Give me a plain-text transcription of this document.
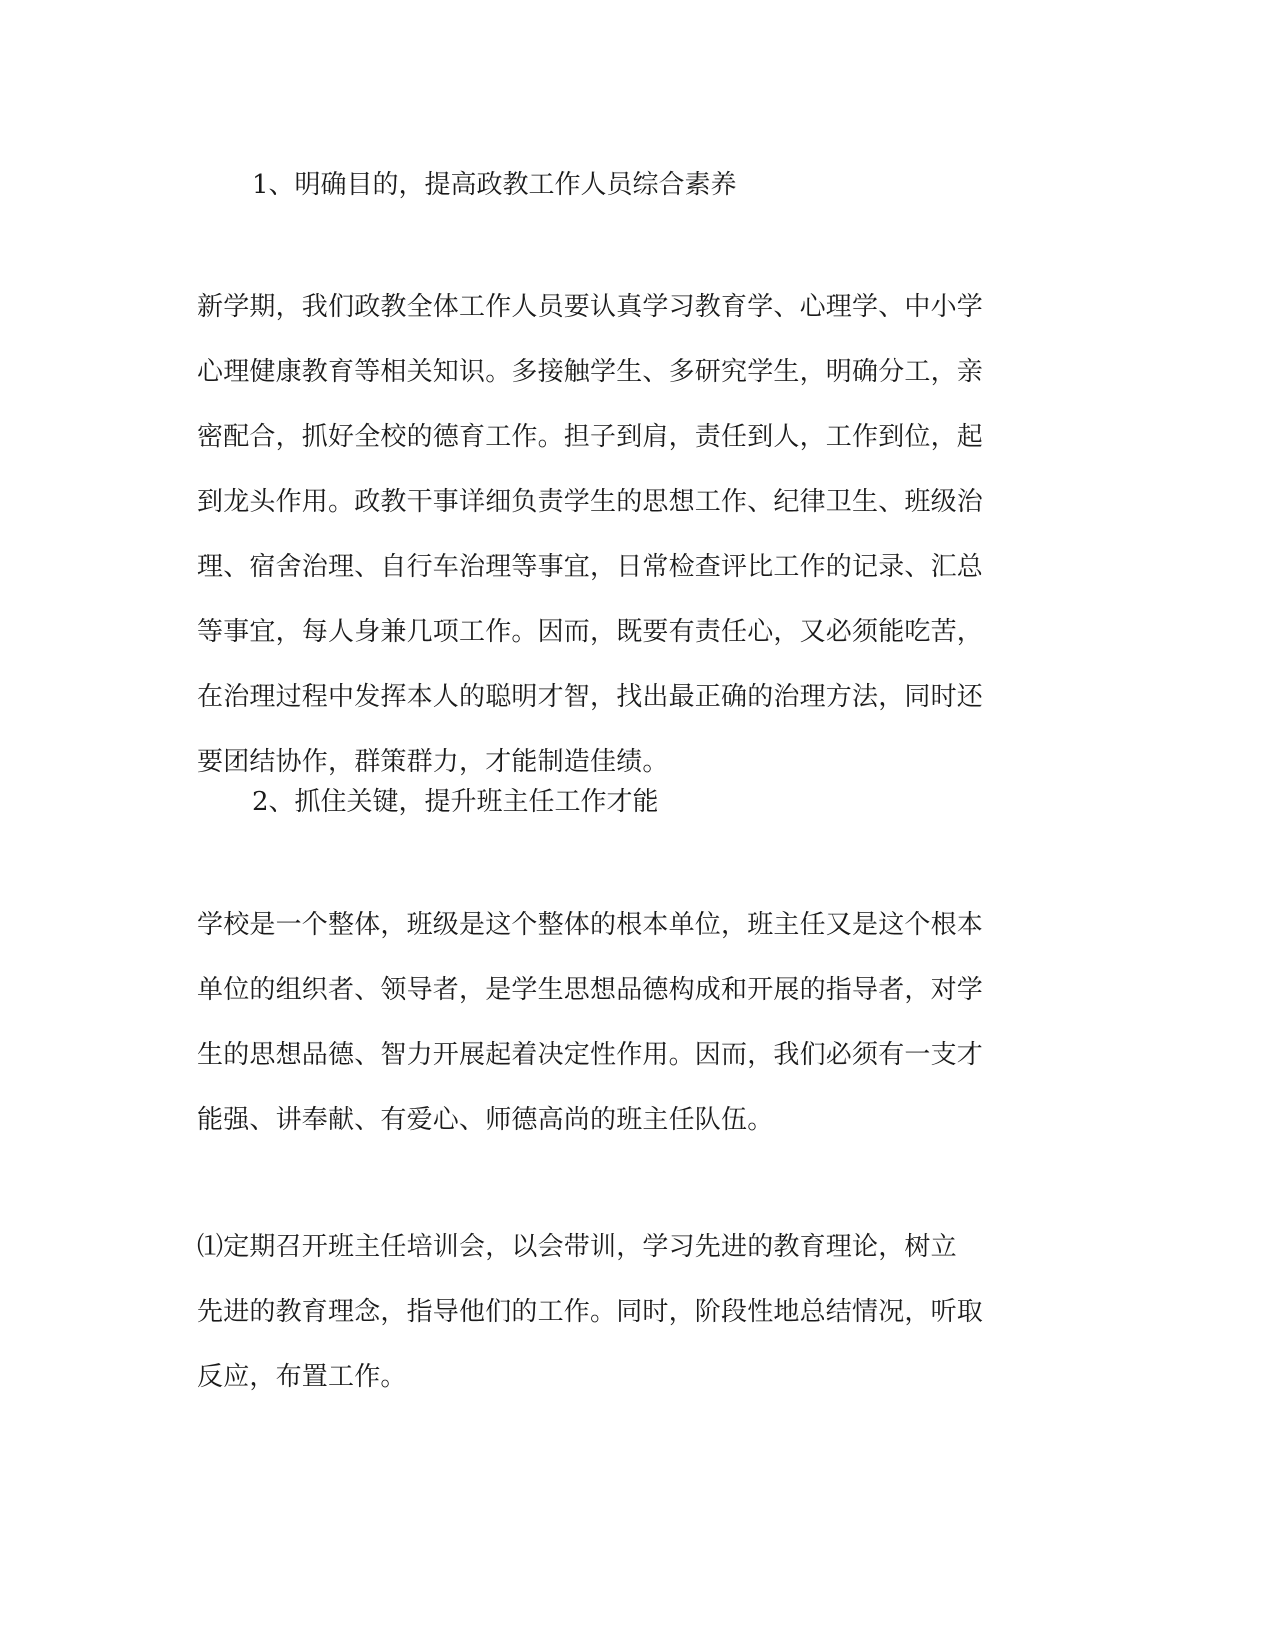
1、明确目的，提高政教工作人员综合素养
新学期，我们政教全体工作人员要认真学习教育学、心理学、中小学
心理健康教育等相关知识。多接触学生、多研究学生，明确分工，亲
密配合，抓好全校的德育工作。担子到肩，责任到人，工作到位，起
到龙头作用。政教干事详细负责学生的思想工作、纪律卫生、班级治
理、宿舍治理、自行车治理等事宜，日常检查评比工作的记录、汇总
等事宜，每人身兼几项工作。因而，既要有责任心，又必须能吃苦，
在治理过程中发挥本人的聪明才智，找出最正确的治理方法，同时还
要团结协作，群策群力，才能制造佳绩。
2、抓住关键，提升班主任工作才能
学校是一个整体，班级是这个整体的根本单位，班主任又是这个根本
单位的组织者、领导者，是学生思想品德构成和开展的指导者，对学
生的思想品德、智力开展起着决定性作用。因而，我们必须有一支才
能强、讲奉献、有爱心、师德高尚的班主任队伍。
⑴定期召开班主任培训会，以会带训，学习先进的教育理论，树立
先进的教育理念，指导他们的工作。同时，阶段性地总结情况，听取
反应，布置工作。
